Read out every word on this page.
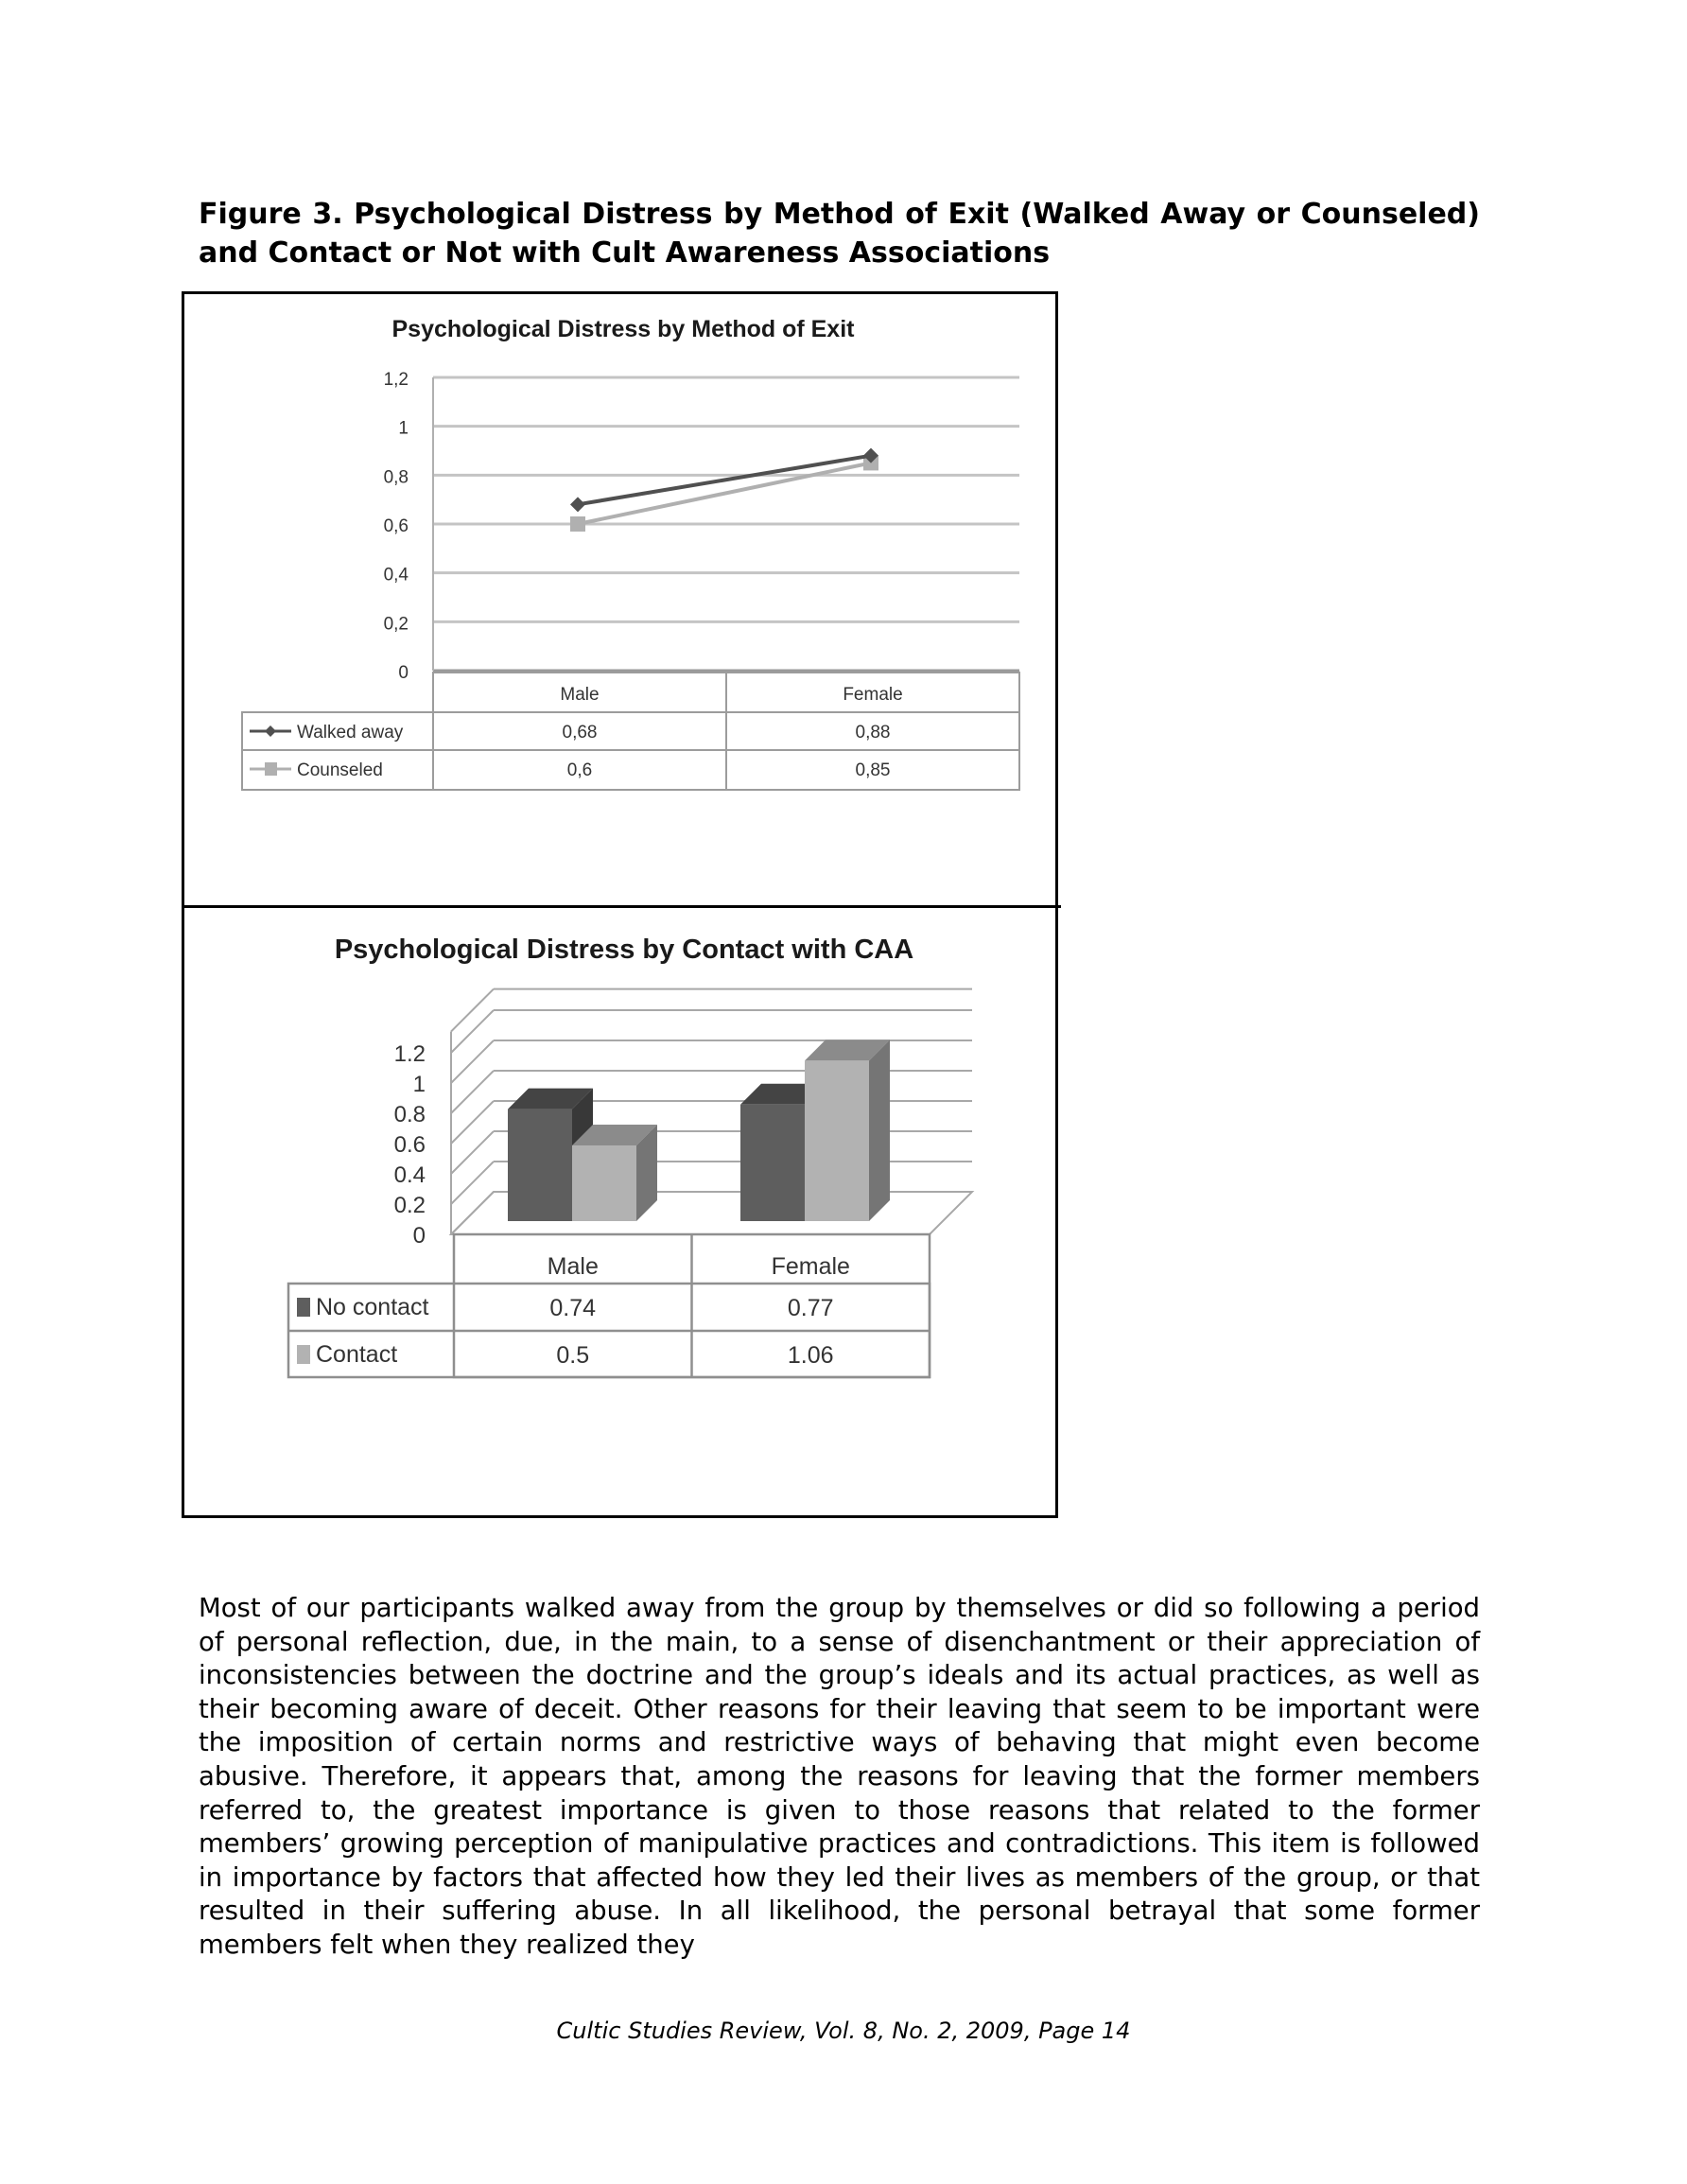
Figure 3. Psychological Distress by Method of Exit (Walked Away or Counseled)
and Contact or Not with Cult Awareness Associations
Psychological Distress by Method of Exit
0
0,2
0,4
0,6
0,8
1
1,2
Male	Female
Walked away	0,68	0,88
Counseled	0,6	0,85
Psychological Distress by Contact with CAA
0
0.2
0.4
0.6
0.8
1
1.2
Male	Female
No contact	0.74	0.77
Contact	0.5	1.06
Most of our participants walked away from the group by themselves or did so following a period of personal reflection, due, in the main, to a sense of disenchantment or their appreciation of inconsistencies between the doctrine and the group’s ideals and its actual practices, as well as their becoming aware of deceit. Other reasons for their leaving that seem to be important were the imposition of certain norms and restrictive ways of behaving that might even become abusive. Therefore, it appears that, among the reasons for leaving that the former members referred to, the greatest importance is given to those reasons that related to the former members’ growing perception of manipulative practices and contradictions. This item is followed in importance by factors that affected how they led their lives as members of the group, or that resulted in their suffering abuse. In all likelihood, the personal betrayal that some former members felt when they realized they
Cultic Studies Review, Vol. 8, No. 2, 2009, Page 14
